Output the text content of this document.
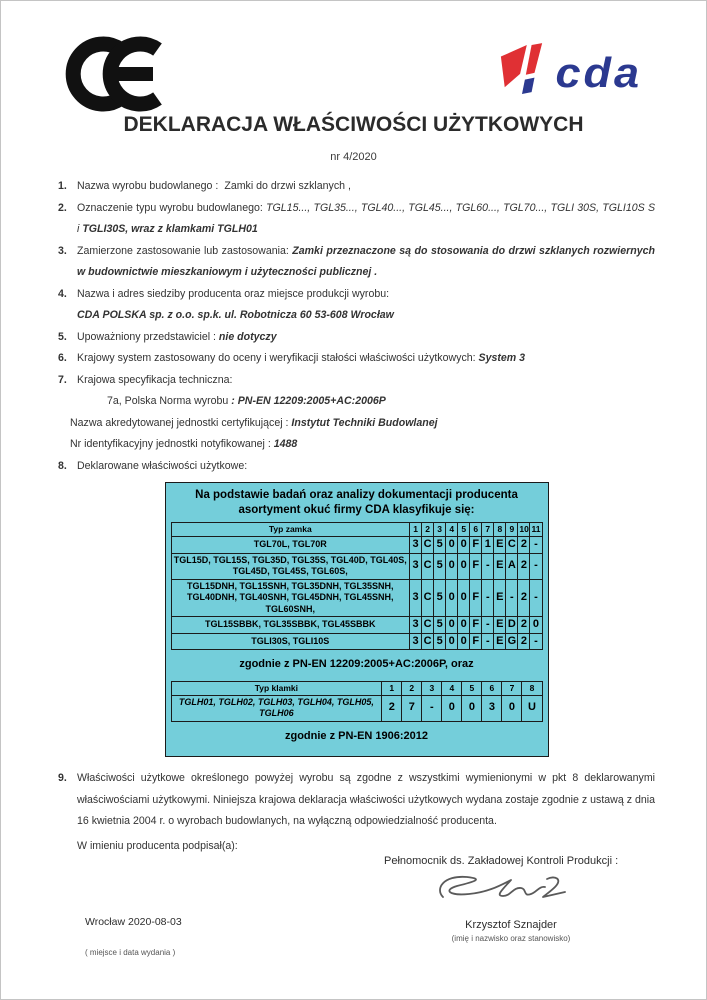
cda
DEKLARACJA WŁAŚCIWOŚCI UŻYTKOWYCH
nr 4/2020
1. Nazwa wyrobu budowlanego : Zamki do drzwi szklanych ,
2. Oznaczenie typu wyrobu budowlanego: TGL15..., TGL35..., TGL40..., TGL45..., TGL60..., TGL70..., TGLI 30S, TGLI10S S i TGLI30S, wraz z klamkami TGLH01
3. Zamierzone zastosowanie lub zastosowania: Zamki przeznaczone są do stosowania do drzwi szklanych rozwiernych w budownictwie mieszkaniowym i użyteczności publicznej .
4. Nazwa i adres siedziby producenta oraz miejsce produkcji wyrobu:
CDA POLSKA sp. z o.o. sp.k. ul. Robotnicza 60 53-608 Wrocław
5. Upoważniony przedstawiciel : nie dotyczy
6. Krajowy system zastosowany do oceny i weryfikacji stałości właściwości użytkowych: System 3
7. Krajowa specyfikacja techniczna:
7a, Polska Norma wyrobu : PN-EN 12209:2005+AC:2006P
Nazwa akredytowanej jednostki certyfikującej : Instytut Techniki Budowlanej
Nr identyfikacyjny jednostki notyfikowanej : 1488
8. Deklarowane właściwości użytkowe:
Na podstawie badań oraz analizy dokumentacji producenta asortyment okuć firmy CDA klasyfikuje się:
Typ zamka	1	2	3	4	5	6	7	8	9	10	11
TGL70L, TGL70R	3	C	5	0	0	F	1	E	C	2	-
TGL15D, TGL15S, TGL35D, TGL35S, TGL40D, TGL40S, TGL45D, TGL45S, TGL60S,	3	C	5	0	0	F	-	E	A	2	-
TGL15DNH, TGL15SNH, TGL35DNH, TGL35SNH, TGL40DNH, TGL40SNH, TGL45DNH, TGL45SNH, TGL60SNH,	3	C	5	0	0	F	-	E	-	2	-
TGL15SBBK, TGL35SBBK, TGL45SBBK	3	C	5	0	0	F	-	E	D	2	0
TGLI30S, TGLI10S	3	C	5	0	0	F	-	E	G	2	-
zgodnie z PN-EN 12209:2005+AC:2006P, oraz
Typ klamki	1	2	3	4	5	6	7	8
TGLH01, TGLH02, TGLH03, TGLH04, TGLH05, TGLH06	2	7	-	0	0	3	0	U
zgodnie z PN-EN 1906:2012
9. Właściwości użytkowe określonego powyżej wyrobu są zgodne z wszystkimi wymienionymi w pkt 8 deklarowanymi właściwościami użytkowymi. Niniejsza krajowa deklaracja właściwości użytkowych wydana zostaje zgodnie z ustawą z dnia 16 kwietnia 2004 r. o wyrobach budowlanych, na wyłączną odpowiedzialność producenta.
W imieniu producenta podpisał(a):
Pełnomocnik ds. Zakładowej Kontroli Produkcji :
Krzysztof Sznajder
(imię i nazwisko oraz stanowisko)
Wrocław 2020-08-03
( miejsce i data wydania )
